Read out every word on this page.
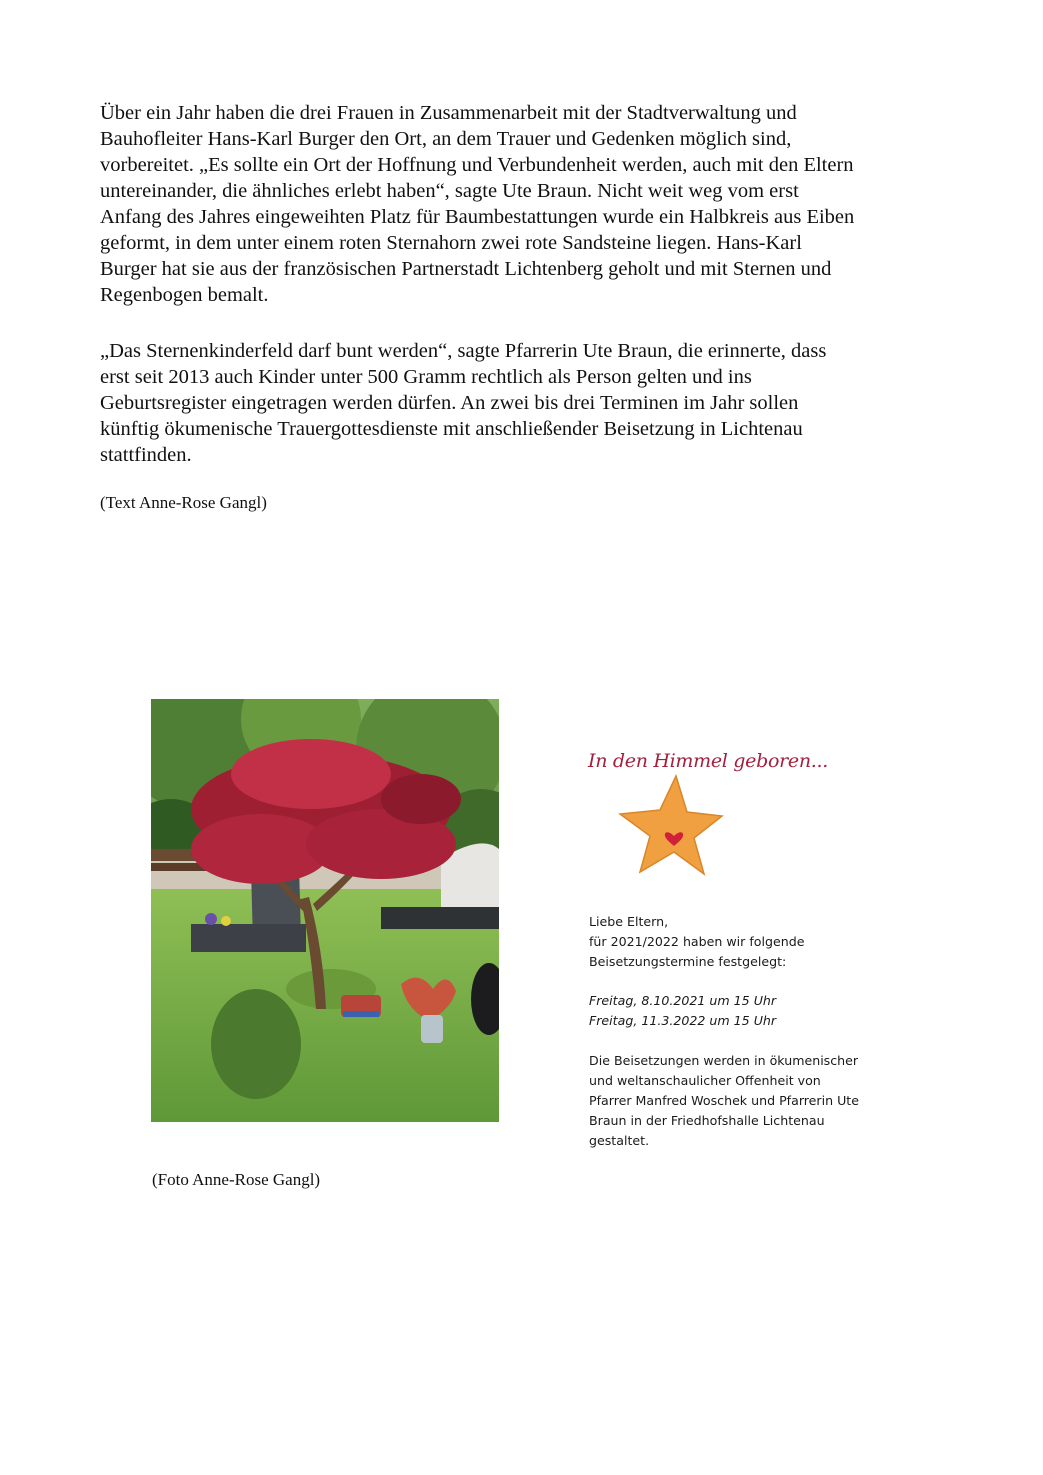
Über ein Jahr haben die drei Frauen in Zusammenarbeit mit der Stadtverwaltung und
Bauhofleiter Hans-Karl Burger den Ort, an dem Trauer und Gedenken möglich sind,
vorbereitet. „Es sollte ein Ort der Hoffnung und Verbundenheit werden, auch mit den Eltern
untereinander, die ähnliches erlebt haben“, sagte Ute Braun. Nicht weit weg vom erst
Anfang des Jahres eingeweihten Platz für Baumbestattungen wurde ein Halbkreis aus Eiben
geformt, in dem unter einem roten Sternahorn zwei rote Sandsteine liegen. Hans-Karl
Burger hat sie aus der französischen Partnerstadt Lichtenberg geholt und mit Sternen und
Regenbogen bemalt.

„Das Sternenkinderfeld darf bunt werden“, sagte Pfarrerin Ute Braun, die erinnerte, dass
erst seit 2013 auch Kinder unter 500 Gramm rechtlich als Person gelten und ins
Geburtsregister eingetragen werden dürfen. An zwei bis drei Terminen im Jahr sollen
künftig ökumenische Trauergottesdienste mit anschließender Beisetzung in Lichtenau
stattfinden.

(Text Anne-Rose Gangl)

(Foto Anne-Rose Gangl)

In den Himmel geboren...

Liebe Eltern,

für 2021/2022 haben wir folgende
Beisetzungstermine festgelegt:

Freitag, 8.10.2021 um 15 Uhr

Freitag, 11.3.2022 um 15 Uhr

Die Beisetzungen werden in ökumenischer
und weltanschaulicher Offenheit von
Pfarrer Manfred Woschek und Pfarrerin Ute
Braun in der Friedhofshalle Lichtenau
gestaltet.
